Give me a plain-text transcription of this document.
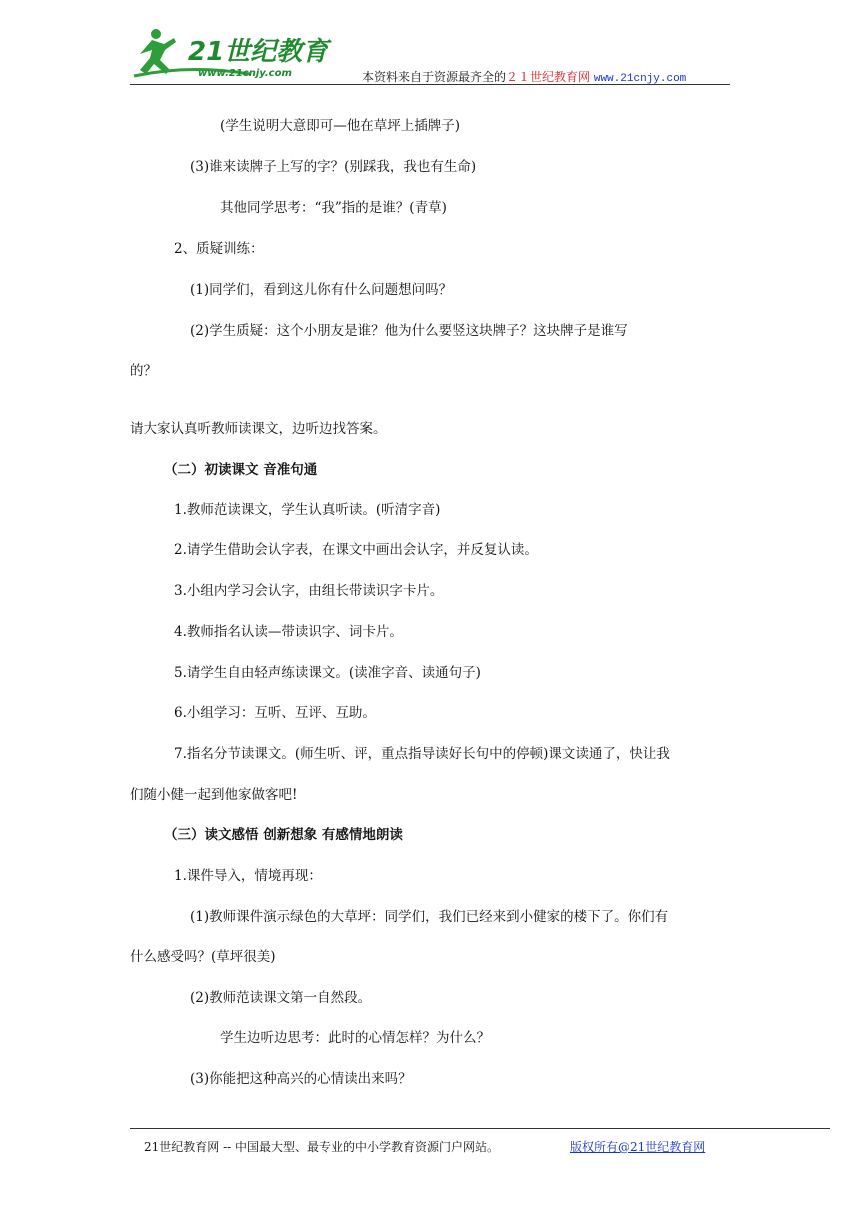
21世纪教育
www.21cnjy.com	本资料来自于资源最齐全的２１世纪教育网 www.21cnjy.com
(学生说明大意即可—他在草坪上插牌子)
(3)谁来读牌子上写的字？(别踩我，我也有生命)
其他同学思考：“我”指的是谁？(青草)
2、质疑训练：
(1)同学们，看到这儿你有什么问题想问吗？
(2)学生质疑：这个小朋友是谁？他为什么要竖这块牌子？这块牌子是谁写
的？
请大家认真听教师读课文，边听边找答案。
（二）初读课文 音准句通
1.教师范读课文，学生认真听读。(听清字音)
2.请学生借助会认字表，在课文中画出会认字，并反复认读。
3.小组内学习会认字，由组长带读识字卡片。
4.教师指名认读—带读识字、词卡片。
5.请学生自由轻声练读课文。(读准字音、读通句子)
6.小组学习：互听、互评、互助。
7.指名分节读课文。(师生听、评，重点指导读好长句中的停顿)课文读通了，快让我
们随小健一起到他家做客吧!
（三）读文感悟 创新想象 有感情地朗读
1.课件导入，情境再现：
(1)教师课件演示绿色的大草坪：同学们，我们已经来到小健家的楼下了。你们有
什么感受吗？(草坪很美)
(2)教师范读课文第一自然段。
学生边听边思考：此时的心情怎样？为什么？
(3)你能把这种高兴的心情读出来吗？
21世纪教育网 -- 中国最大型、最专业的中小学教育资源门户网站。	版权所有@21世纪教育网
